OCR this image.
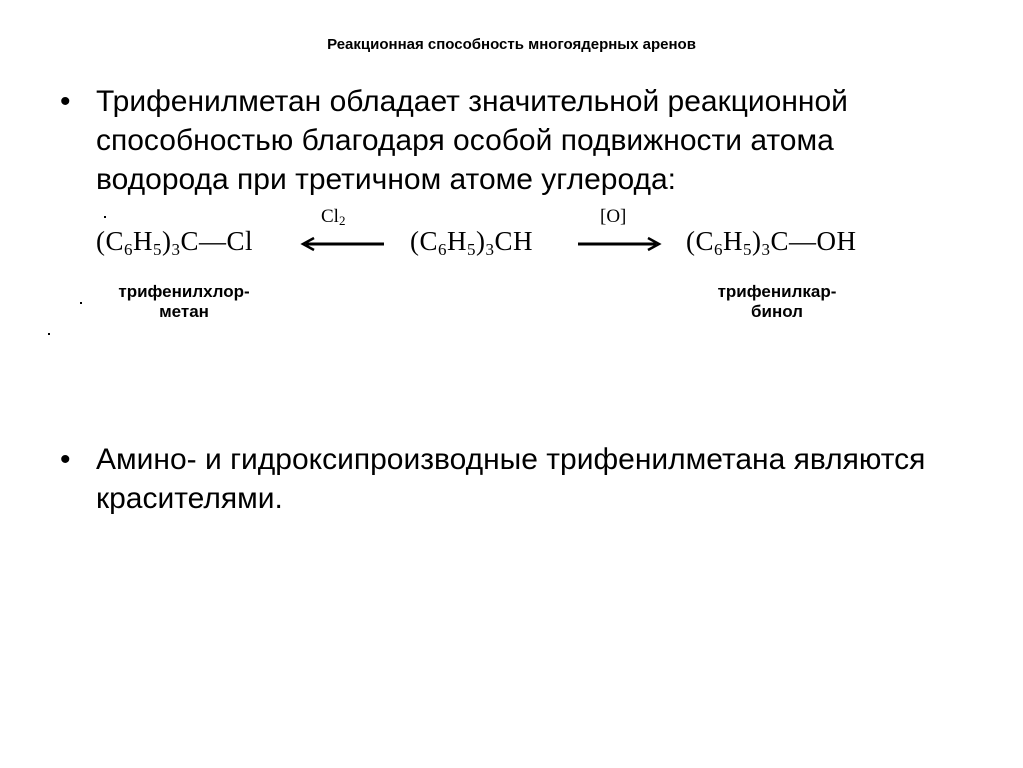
Реакционная способность многоядерных аренов
• Трифенилметан обладает значительной реакционной способностью благодаря особой подвижности атома водорода при третичном атоме углерода:
$(C_6H_5)_3C—Cl$
$Cl_2$
$(C_6H_5)_3CH$
[O]
$(C_6H_5)_3C—OH$
трифенилхлор-
метан
трифенилкар-
бинол
• Амино- и гидроксипроизводные трифенилметана являются красителями.
